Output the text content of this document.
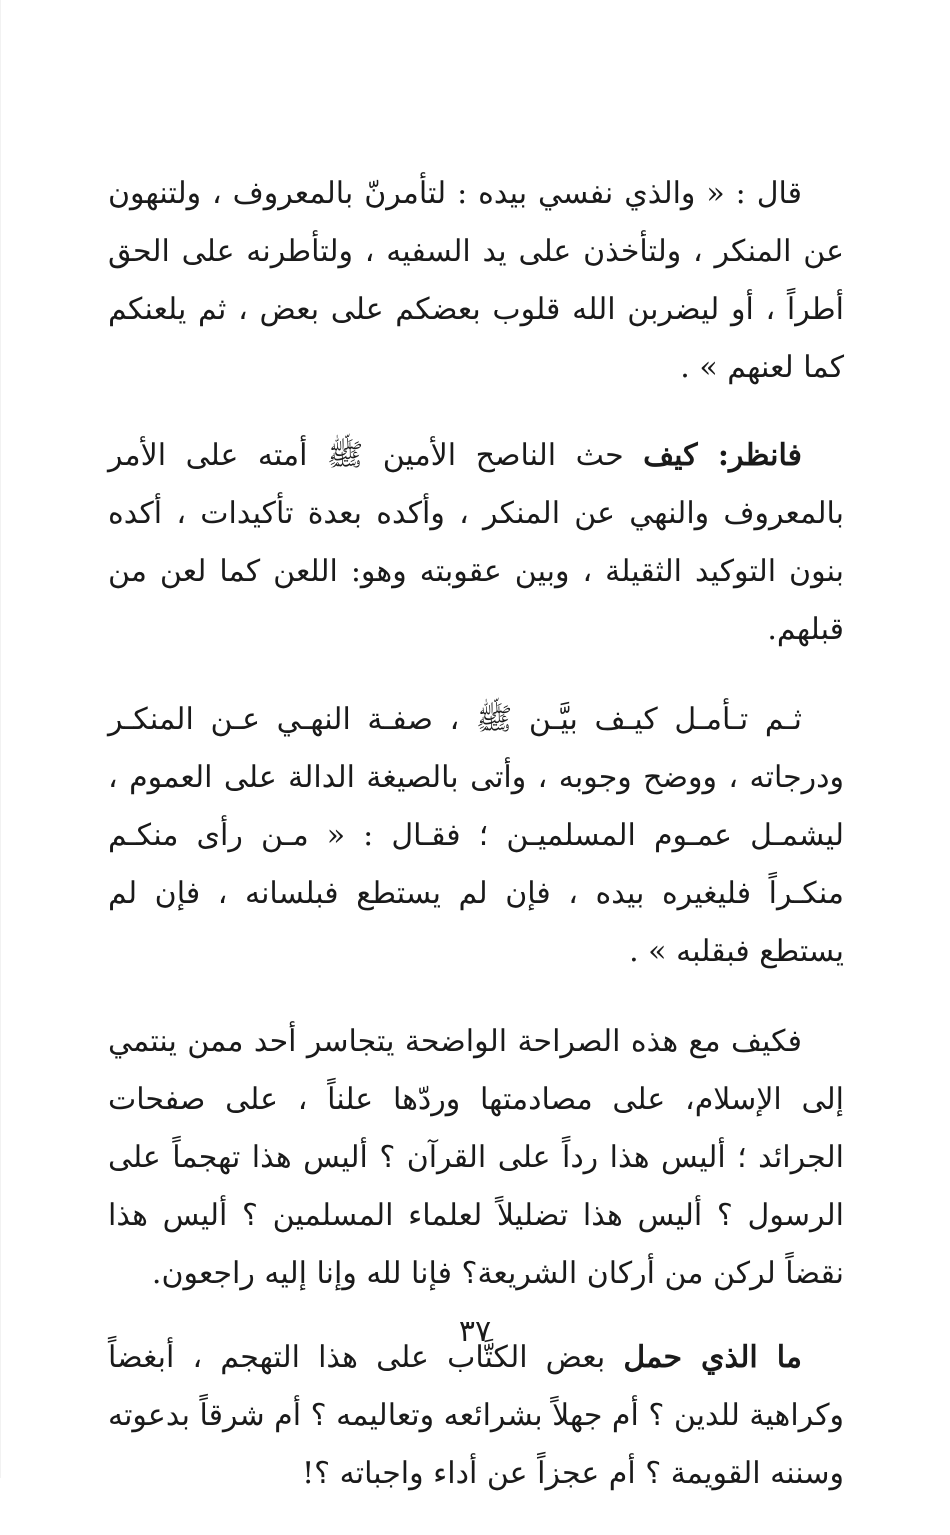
قال : « والذي نفسي بيده : لتأمرنّ بالمعروف ، ولتنهون عن المنكر ، ولتأخذن على يد السفيه ، ولتأطرنه على الحق أطراً ، أو ليضربن الله قلوب بعضكم على بعض ، ثم يلعنكم كما لعنهم » .

فانظر: كيف حث الناصح الأمين ﷺ أمته على الأمر بالمعروف والنهي عن المنكر ، وأكده بعدة تأكيدات ، أكده بنون التوكيد الثقيلة ، وبين عقوبته وهو: اللعن كما لعن من قبلهم.

ثـم تـأمـل كيـف بيَّـن ﷺ ، صفـة النهـي عـن المنكـر ودرجاته ، ووضح وجوبه ، وأتى بالصيغة الدالة على العموم ، ليشمـل عمـوم المسلميـن ؛ فقـال : « مـن رأى منكـم منكـراً فليغيره بيده ، فإن لم يستطع فبلسانه ، فإن لم يستطع فبقلبه » .

فكيف مع هذه الصراحة الواضحة يتجاسر أحد ممن ينتمي إلى الإسلام، على مصادمتها وردّها علناً ، على صفحات الجرائد ؛ أليس هذا رداً على القرآن ؟ أليس هذا تهجماً على الرسول ؟ أليس هذا تضليلاً لعلماء المسلمين ؟ أليس هذا نقضاً لركن من أركان الشريعة؟ فإنا لله وإنا إليه راجعون.

ما الذي حمل بعض الكتَّاب على هذا التهجم ، أبغضاً وكراهية للدين ؟ أم جهلاً بشرائعه وتعاليمه ؟ أم شرقاً بدعوته وسننه القويمة ؟ أم عجزاً عن أداء واجباته ؟!

٣٧
